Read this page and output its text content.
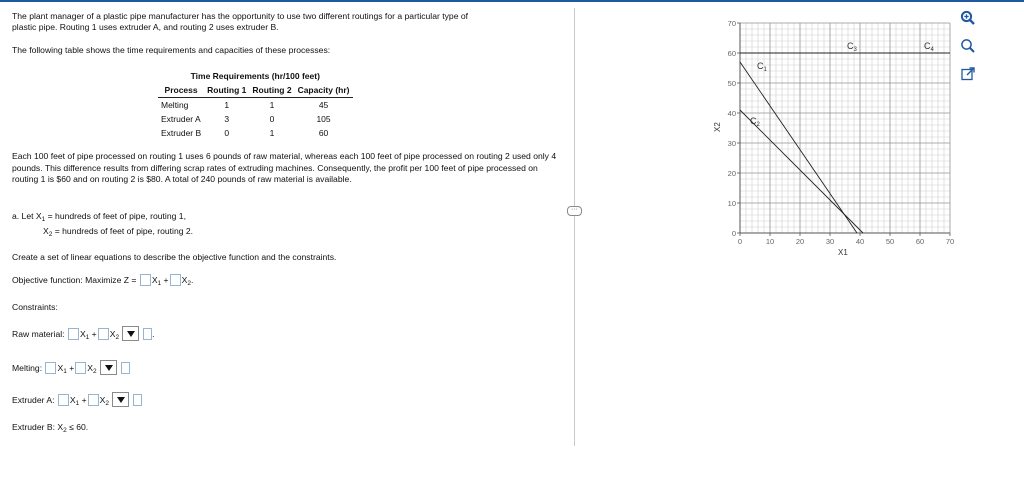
The plant manager of a plastic pipe manufacturer has the opportunity to use two different routings for a particular type of
plastic pipe. Routing 1 uses extruder A, and routing 2 uses extruder B.
The following table shows the time requirements and capacities of these processes:
Time Requirements (hr/100 feet)			
Process	Routing 1	Routing 2	Capacity (hr)
Melting	1	1	45
Extruder A	3	0	105
Extruder B	0	1	60
Each 100 feet of pipe processed on routing 1 uses 6 pounds of raw material, whereas each 100 feet of pipe processed on routing 2 used only 4 pounds. This difference results from differing scrap rates of extruding machines. Consequently, the profit per 100 feet of pipe processed on routing 1 is $60 and on routing 2 is $80. A total of 240 pounds of raw material is available.
a. Let $X_1$ = hundreds of feet of pipe, routing 1,
$X_2$ = hundreds of feet of pipe, routing 2.
Create a set of linear equations to describe the objective function and the constraints.
Objective function: Maximize $Z = X_1 + X_2$.
Constraints:
Raw material: $X_1 + X_2$	.
Melting: $X_1 + X_2$
Extruder A: $X_1 + X_2$
Extruder B: $X_2 \le 60$.
···
0	10	20	30	40	50	60	70
0
10
20
30
40
50
60
70
X1
X2
$C_1$
$C_2$
$C_3$	$C_4$
